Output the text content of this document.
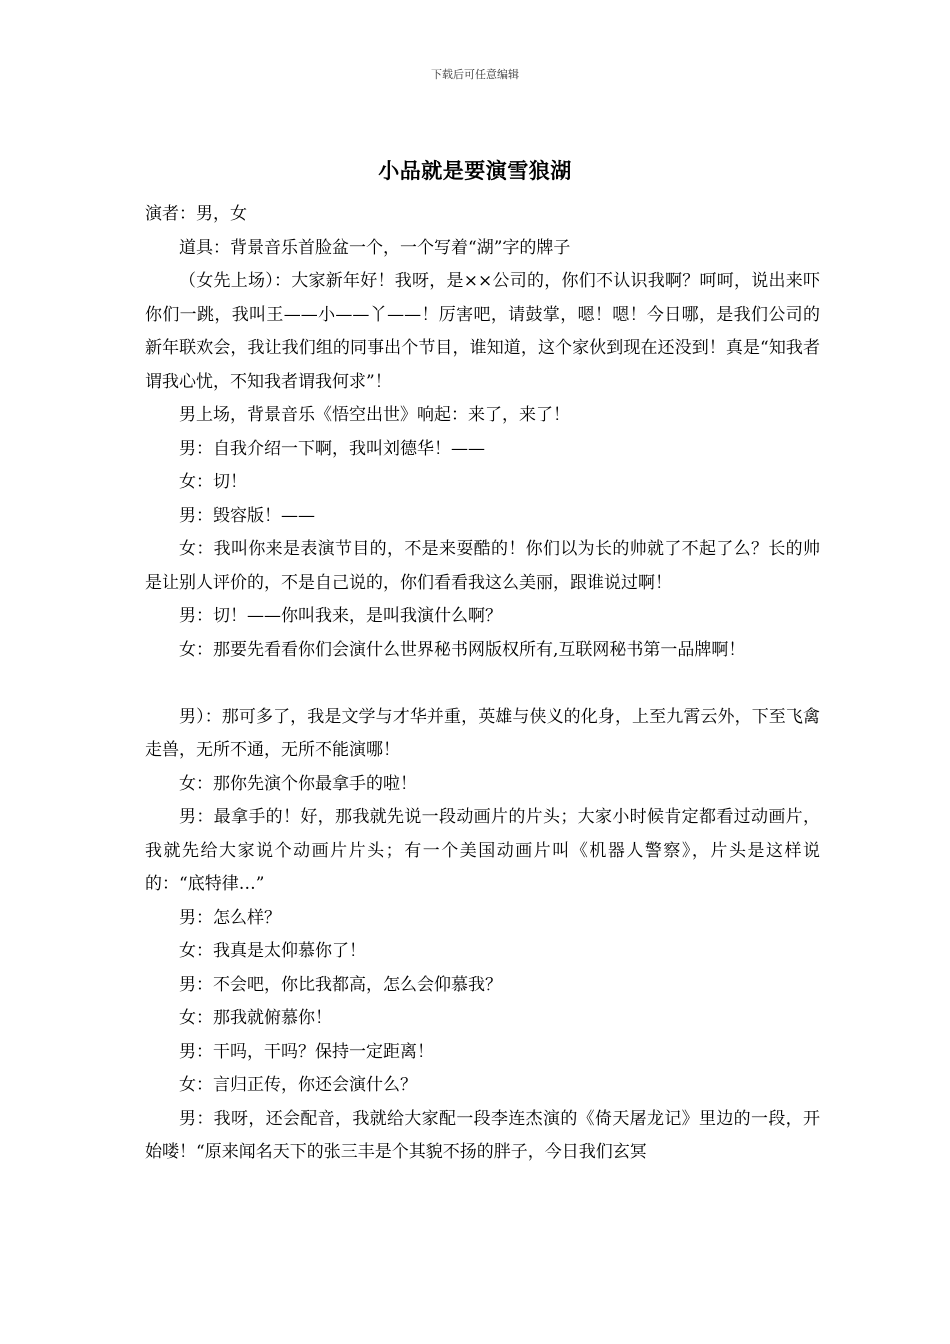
下载后可任意编辑
小品就是要演雪狼湖

演者：男，女

道具：背景音乐首脸盆一个，一个写着“湖”字的牌子

（女先上场）：大家新年好！我呀，是××公司的，你们不认识我啊？呵呵，说出来吓你们一跳，我叫王——小——丫——！厉害吧，请鼓掌，嗯！嗯！今日哪，是我们公司的新年联欢会，我让我们组的同事出个节目，谁知道，这个家伙到现在还没到！真是“知我者谓我心忧，不知我者谓我何求”！

男上场，背景音乐《悟空出世》响起：来了，来了！

男：自我介绍一下啊，我叫刘德华！——

女：切！

男：毁容版！——

女：我叫你来是表演节目的，不是来耍酷的！你们以为长的帅就了不起了么？长的帅是让别人评价的，不是自己说的，你们看看我这么美丽，跟谁说过啊！

男：切！——你叫我来，是叫我演什么啊？

女：那要先看看你们会演什么世界秘书网版权所有,互联网秘书第一品牌啊！

男）：那可多了，我是文学与才华并重，英雄与侠义的化身，上至九霄云外，下至飞禽走兽，无所不通，无所不能演哪！

女：那你先演个你最拿手的啦！

男：最拿手的！好，那我就先说一段动画片的片头；大家小时候肯定都看过动画片，我就先给大家说个动画片片头；有一个美国动画片叫《机器人警察》，片头是这样说的：“底特律…”

男：怎么样？

女：我真是太仰慕你了！

男：不会吧，你比我都高，怎么会仰慕我？

女：那我就俯慕你！

男：干吗，干吗？保持一定距离！

女：言归正传，你还会演什么？

男：我呀，还会配音，我就给大家配一段李连杰演的《倚天屠龙记》里边的一段，开始喽！“原来闻名天下的张三丰是个其貌不扬的胖子，今日我们玄冥
